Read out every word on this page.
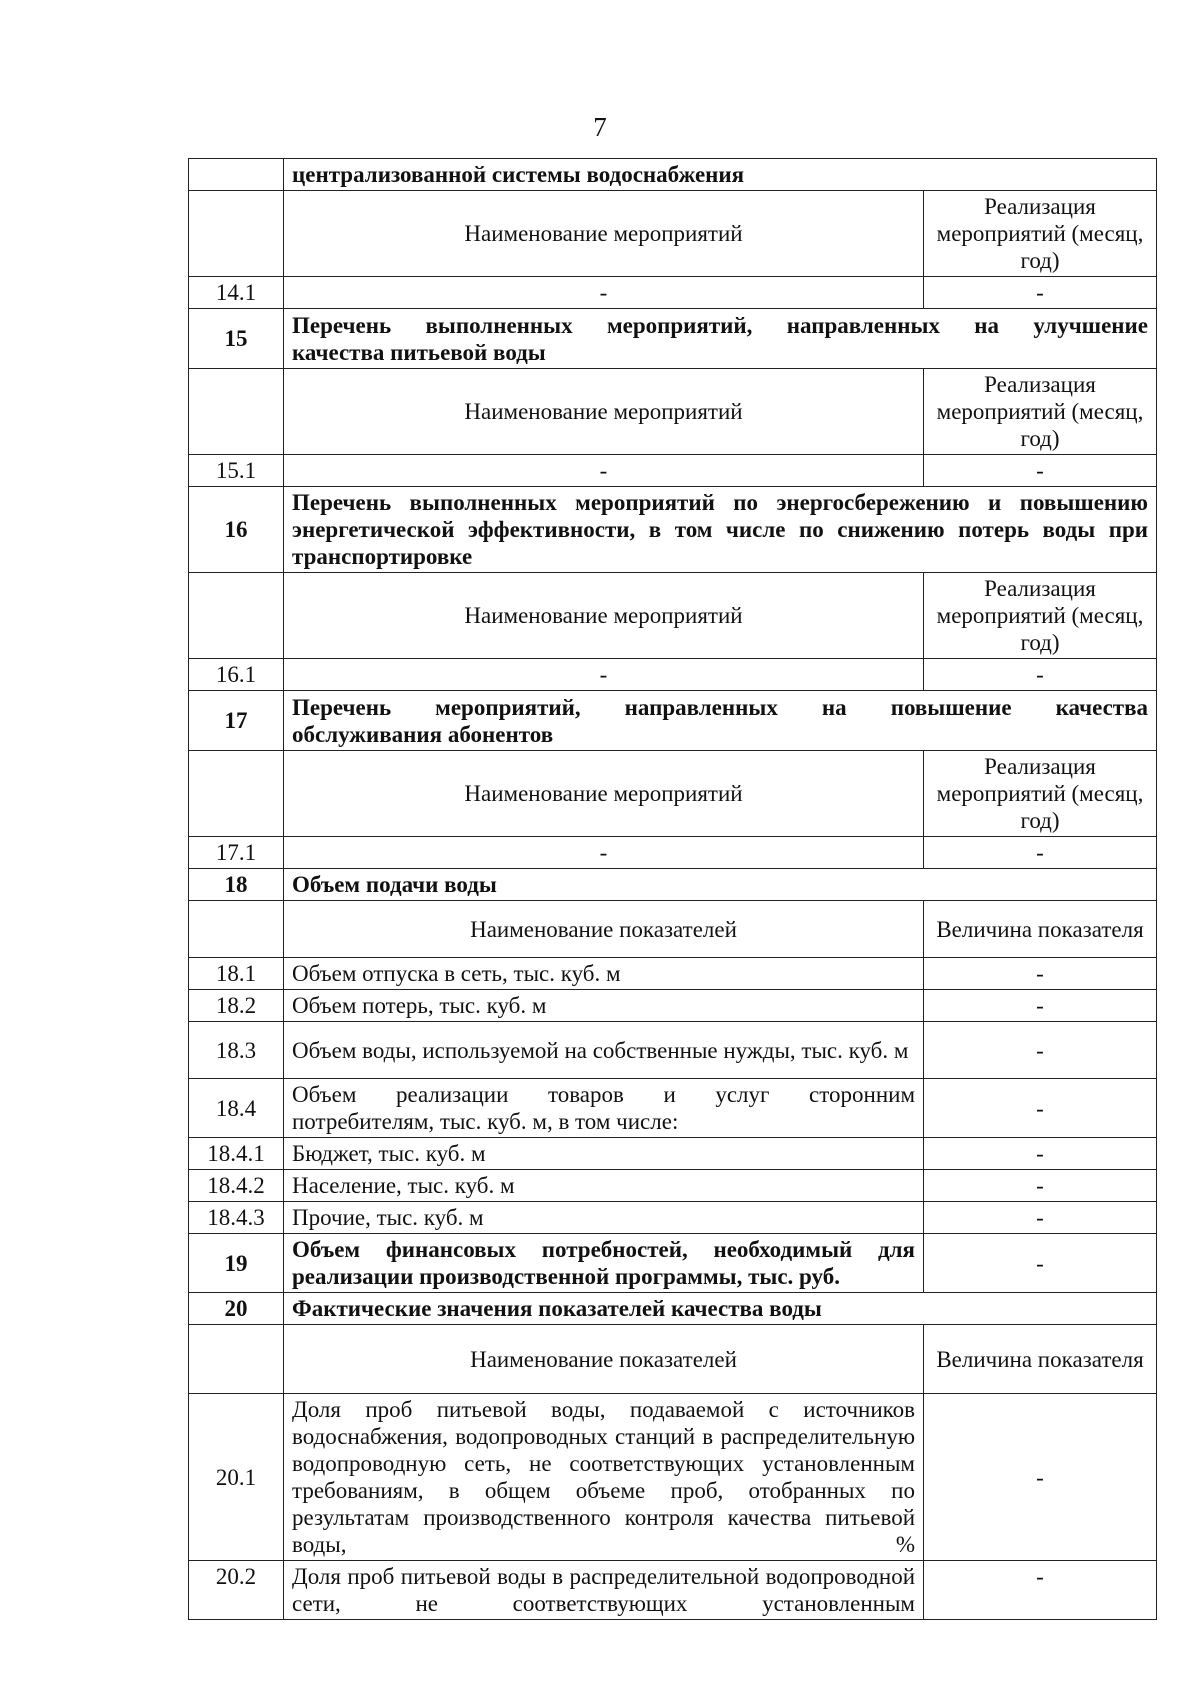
7
	централизованной системы водоснабжения	
	Наименование мероприятий	Реализация мероприятий (месяц, год)
14.1	-	-
15	Перечень выполненных мероприятий, направленных на улучшение
качества питьевой воды	

	Наименование мероприятий	Реализация мероприятий (месяц, год)
15.1	-	-
16	Перечень выполненных мероприятий по энергосбережению и повышению энергетической эффективности, в том числе по снижению потерь воды при транспортировке	
	Наименование мероприятий	Реализация мероприятий (месяц, год)
16.1	-	-
17	Перечень мероприятий, направленных на повышение качества
обслуживания абонентов	

	Наименование мероприятий	Реализация мероприятий (месяц, год)
17.1	-	-
18	Объем подачи воды	
	Наименование показателей	Величина показателя
18.1	Объем отпуска в сеть, тыс. куб. м	-
18.2	Объем потерь, тыс. куб. м	-
18.3	Объем воды, используемой на собственные нужды, тыс. куб. м	-
18.4	Объем реализации товаров и услуг сторонним
потребителям, тыс. куб. м, в том числе:	-
18.4.1	Бюджет, тыс. куб. м	-
18.4.2	Население, тыс. куб. м	-
18.4.3	Прочие, тыс. куб. м	-
19	Объем финансовых потребностей, необходимый для реализации производственной программы, тыс. руб.	-
20	Фактические значения показателей качества воды	
	Наименование показателей	Величина показателя
20.1	Доля проб питьевой воды, подаваемой с источников водоснабжения, водопроводных станций в распределительную водопроводную сеть, не соответствующих установленным требованиям, в общем объеме проб, отобранных по результатам производственного контроля качества питьевой воды, %	-
20.2	Доля проб питьевой воды в распределительной водопроводной сети, не соответствующих установленным	-
